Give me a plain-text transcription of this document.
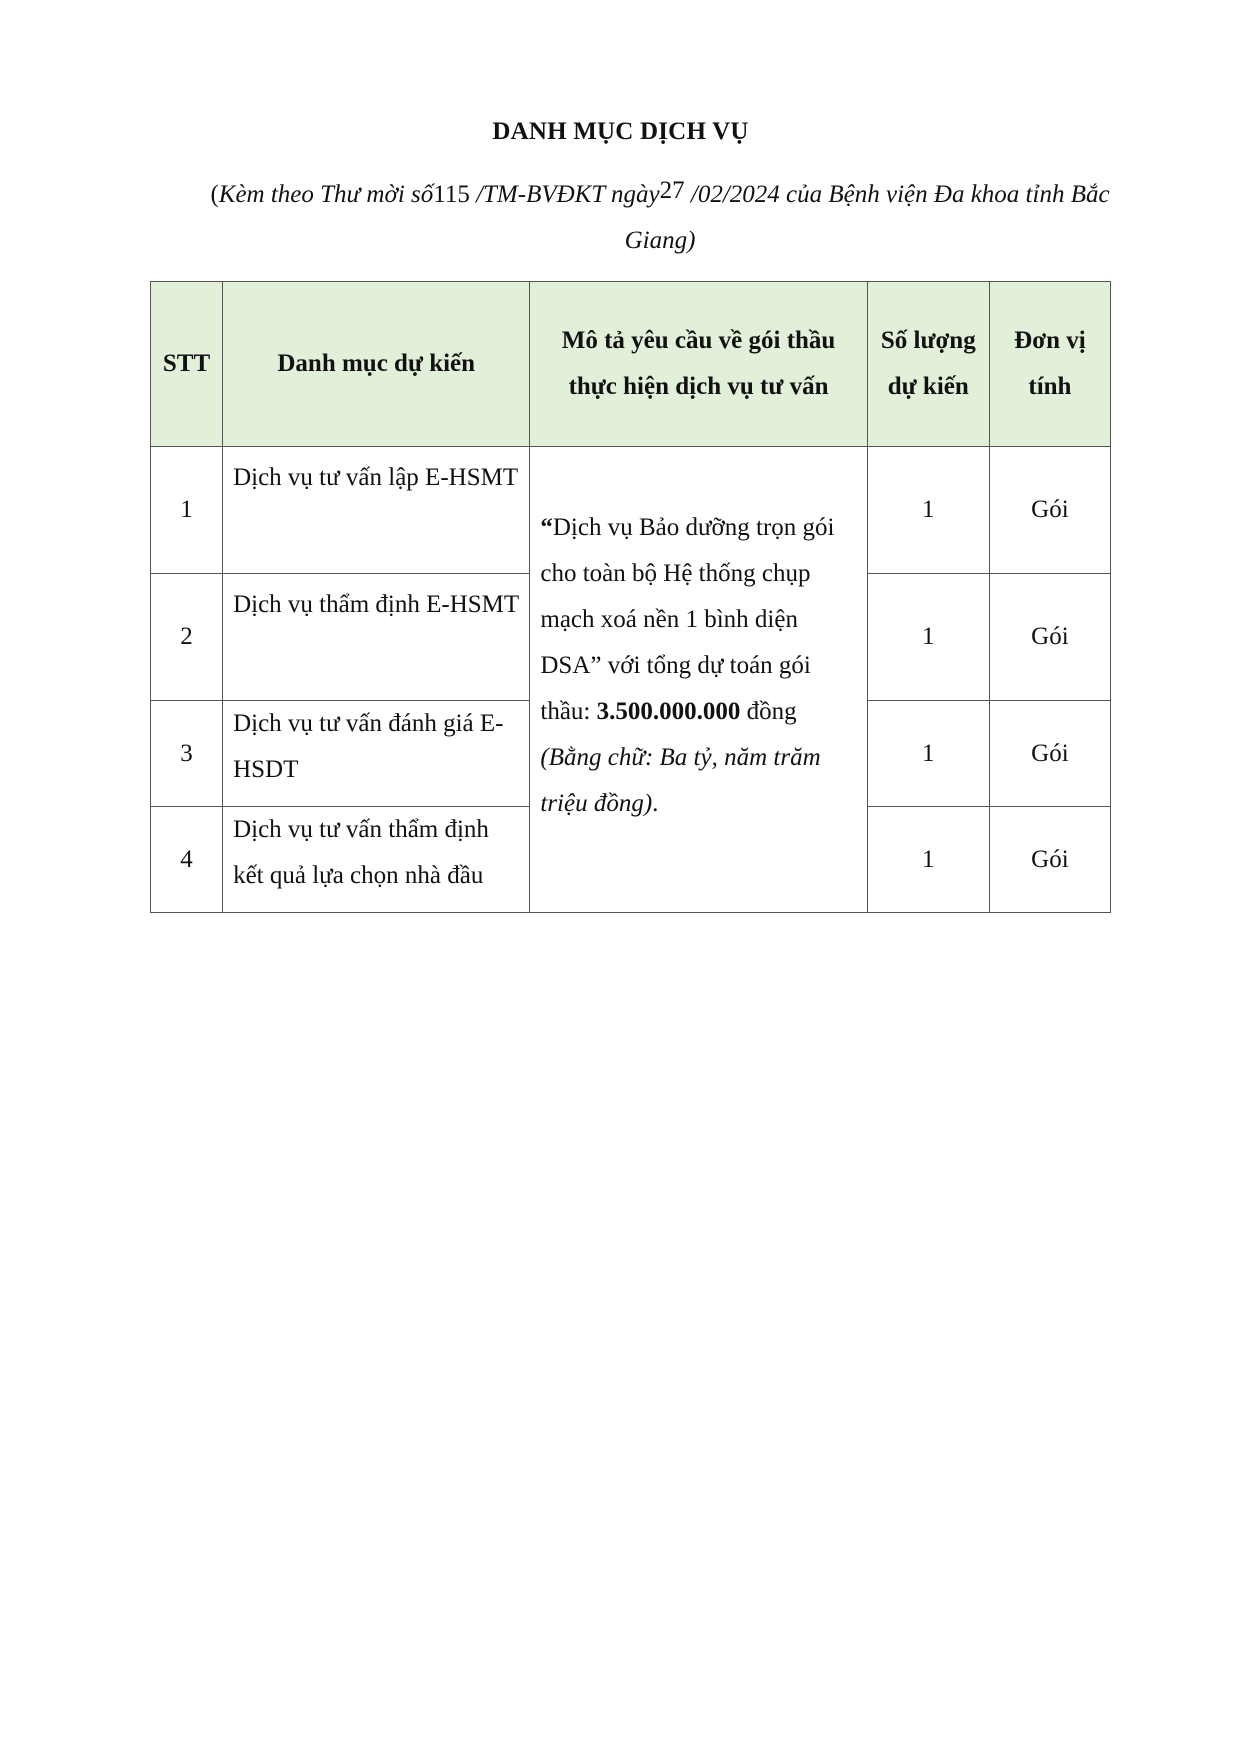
DANH MỤC DỊCH VỤ
(Kèm theo Thư mời số115 /TM-BVĐKT ngày27 /02/2024 của Bệnh viện Đa khoa tỉnh Bắc Giang)
STT	Danh mục dự kiến	Mô tả yêu cầu về gói thầu thực hiện dịch vụ tư vấn	Số lượng dự kiến	Đơn vị tính
1	Dịch vụ tư vấn lập E-HSMT	“Dịch vụ Bảo dưỡng trọn gói cho toàn bộ Hệ thống chụp mạch xoá nền 1 bình diện DSA” với tổng dự toán gói thầu: 3.500.000.000 đồng (Bằng chữ: Ba tỷ, năm trăm triệu đồng).	1	Gói
2	Dịch vụ thẩm định E-HSMT		1	Gói
3	Dịch vụ tư vấn đánh giá E-HSDT		1	Gói
4	Dịch vụ tư vấn thẩm định kết quả lựa chọn nhà đầu		1	Gói
